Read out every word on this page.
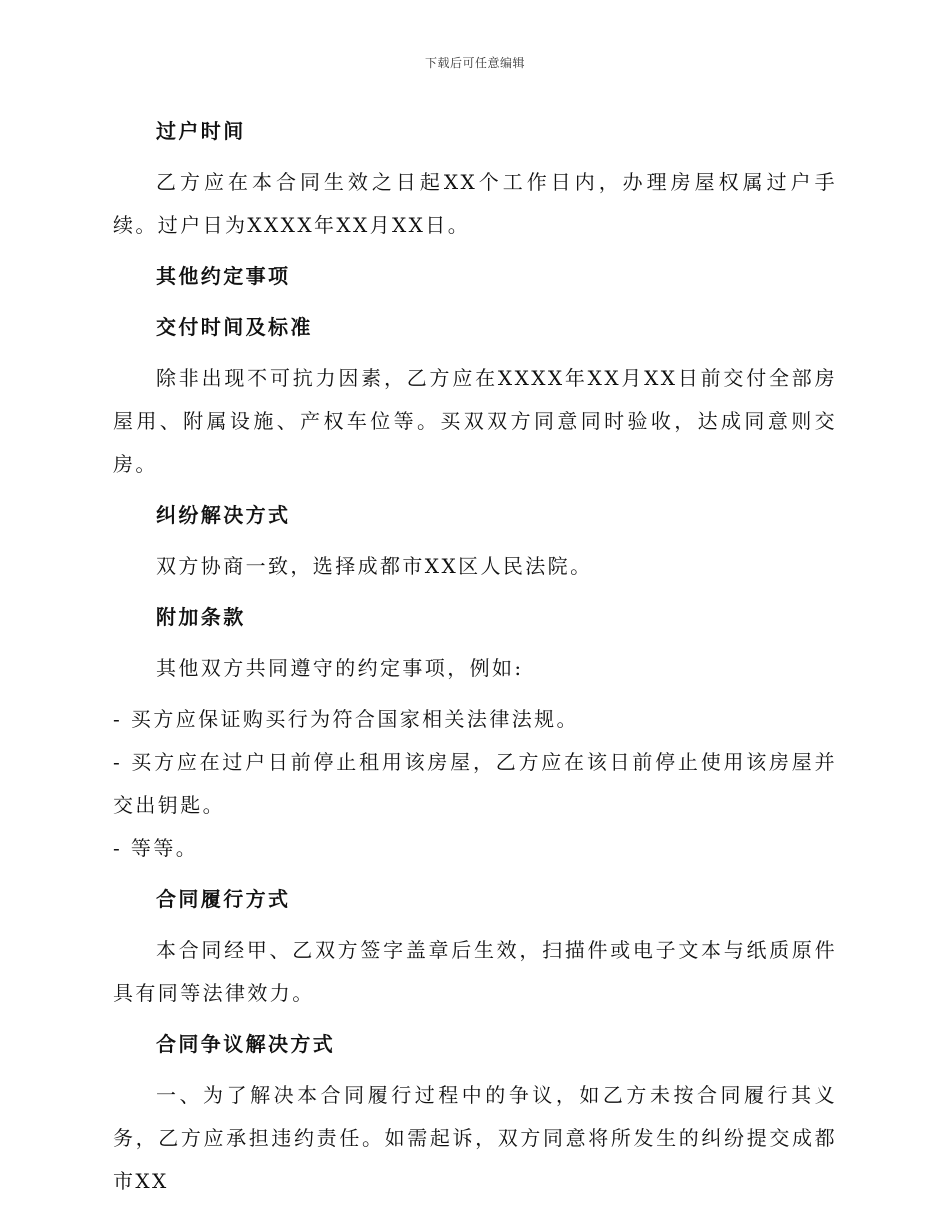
下载后可任意编辑

过户时间

乙方应在本合同生效之日起XX个工作日内，办理房屋权属过户手续。过户日为XXXX年XX月XX日。

其他约定事项

交付时间及标准

除非出现不可抗力因素，乙方应在XXXX年XX月XX日前交付全部房屋用、附属设施、产权车位等。买双双方同意同时验收，达成同意则交房。

纠纷解决方式

双方协商一致，选择成都市XX区人民法院。

附加条款

其他双方共同遵守的约定事项，例如:

- 买方应保证购买行为符合国家相关法律法规。

- 买方应在过户日前停止租用该房屋，乙方应在该日前停止使用该房屋并交出钥匙。

- 等等。

合同履行方式

本合同经甲、乙双方签字盖章后生效，扫描件或电子文本与纸质原件具有同等法律效力。

合同争议解决方式

一、为了解决本合同履行过程中的争议，如乙方未按合同履行其义务，乙方应承担违约责任。如需起诉，双方同意将所发生的纠纷提交成都市XX
